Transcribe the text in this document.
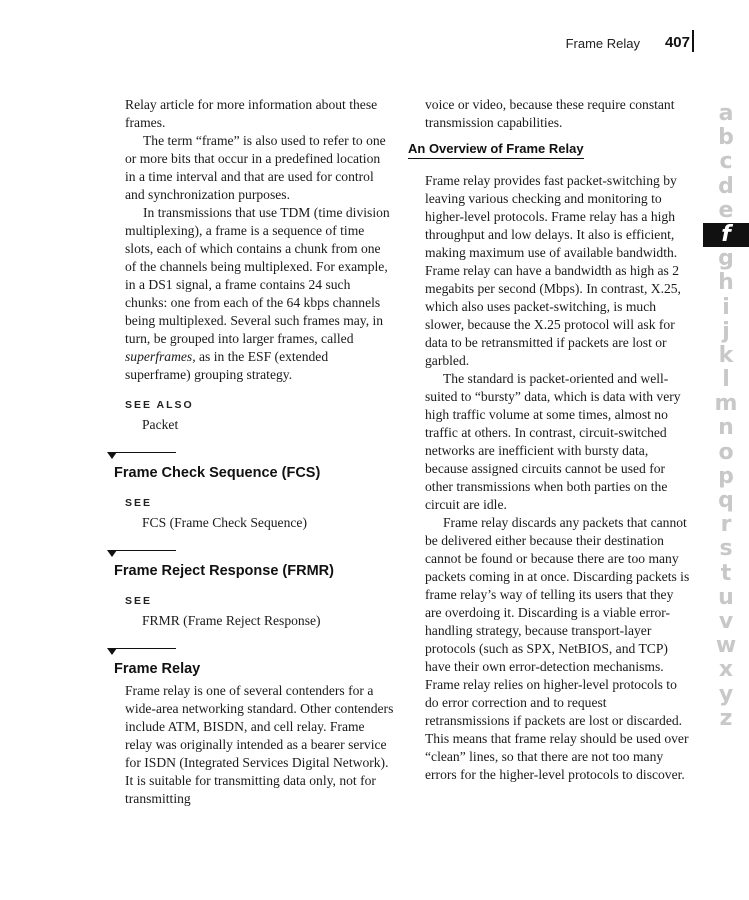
Frame Relay 407

Relay article for more information about these frames.

The term “frame” is also used to refer to one or more bits that occur in a predefined location in a time interval and that are used for control and synchronization purposes.

In transmissions that use TDM (time division multiplexing), a frame is a sequence of time slots, each of which contains a chunk from one of the channels being multiplexed. For example, in a DS1 signal, a frame contains 24 such chunks: one from each of the 64 kbps channels being multiplexed. Several such frames may, in turn, be grouped into larger frames, called superframes, as in the ESF (extended superframe) grouping strategy.

SEE ALSO
Packet
Frame Check Sequence (FCS)
SEE
FCS (Frame Check Sequence)
Frame Reject Response (FRMR)
SEE
FRMR (Frame Reject Response)
Frame Relay

Frame relay is one of several contenders for a wide-area networking standard. Other contenders include ATM, BISDN, and cell relay. Frame relay was originally intended as a bearer service for ISDN (Integrated Services Digital Network). It is suitable for transmitting data only, not for transmitting

voice or video, because these require constant transmission capabilities.

An Overview of Frame Relay

Frame relay provides fast packet-switching by leaving various checking and monitoring to higher-level protocols. Frame relay has a high throughput and low delays. It also is efficient, making maximum use of available bandwidth. Frame relay can have a bandwidth as high as 2 megabits per second (Mbps). In contrast, X.25, which also uses packet-switching, is much slower, because the X.25 protocol will ask for data to be retransmitted if packets are lost or garbled.

The standard is packet-oriented and well-suited to “bursty” data, which is data with very high traffic volume at some times, almost no traffic at others. In contrast, circuit-switched networks are inefficient with bursty data, because assigned circuits cannot be used for other transmissions when both parties on the circuit are idle.

Frame relay discards any packets that cannot be delivered either because their destination cannot be found or because there are too many packets coming in at once. Discarding packets is frame relay’s way of telling its users that they are overdoing it. Discarding is a viable error-handling strategy, because transport-layer protocols (such as SPX, NetBIOS, and TCP) have their own error-detection mechanisms. Frame relay relies on higher-level protocols to do error correction and to request retransmissions if packets are lost or discarded. This means that frame relay should be used over “clean” lines, so that there are not too many errors for the higher-level protocols to discover.

a
b
c
d
e
f
g
h
i
j
k
l
m
n
o
p
q
r
s
t
u
v
w
x
y
z
